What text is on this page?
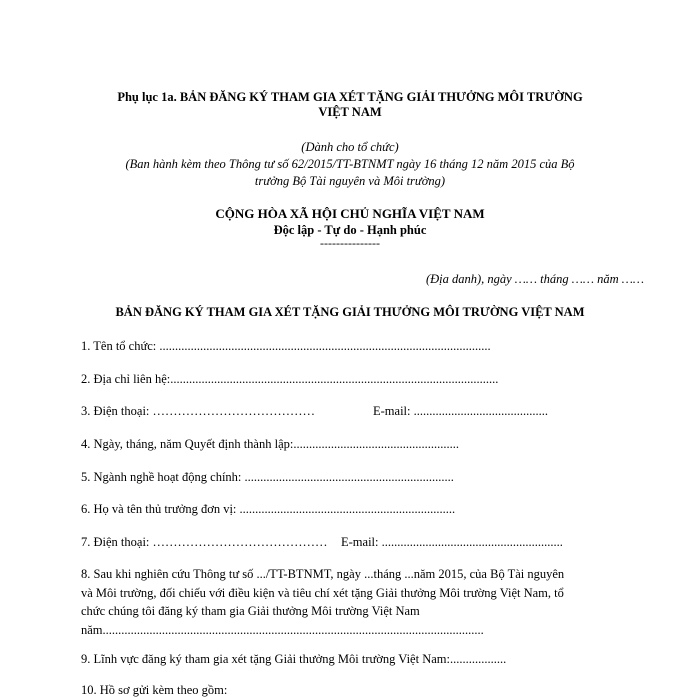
Phụ lục 1a. BẢN ĐĂNG KÝ THAM GIA XÉT TẶNG GIẢI THƯỞNG MÔI TRƯỜNG
VIỆT NAM
(Dành cho tổ chức)
(Ban hành kèm theo Thông tư số 62/2015/TT-BTNMT ngày 16 tháng 12 năm 2015 của Bộ
trưởng Bộ Tài nguyên và Môi trường)
CỘNG HÒA XÃ HỘI CHỦ NGHĨA VIỆT NAM
Độc lập - Tự do - Hạnh phúc
---------------
(Địa danh), ngày …… tháng …… năm ……
BẢN ĐĂNG KÝ THAM GIA XÉT TẶNG GIẢI THƯỞNG MÔI TRƯỜNG VIỆT NAM
1. Tên tổ chức: ..........................................................................................................
2. Địa chỉ liên hệ:.........................................................................................................
3. Điện thoại: …………………………………	E-mail: ...........................................
4. Ngày, tháng, năm Quyết định thành lập:.....................................................
5. Ngành nghề hoạt động chính: ...................................................................
6. Họ và tên thủ trưởng đơn vị: .....................................................................
7. Điện thoại: …………………………………… E-mail: ..........................................................
8. Sau khi nghiên cứu Thông tư số .../TT-BTNMT, ngày ...tháng ...năm 2015, của Bộ Tài nguyên
và Môi trường, đối chiếu với điều kiện và tiêu chí xét tặng Giải thưởng Môi trường Việt Nam, tổ
chức chúng tôi đăng ký tham gia Giải thưởng Môi trường Việt Nam
năm..........................................................................................................................
9. Lĩnh vực đăng ký tham gia xét tặng Giải thưởng Môi trường Việt Nam:..................
10. Hồ sơ gửi kèm theo gồm:
